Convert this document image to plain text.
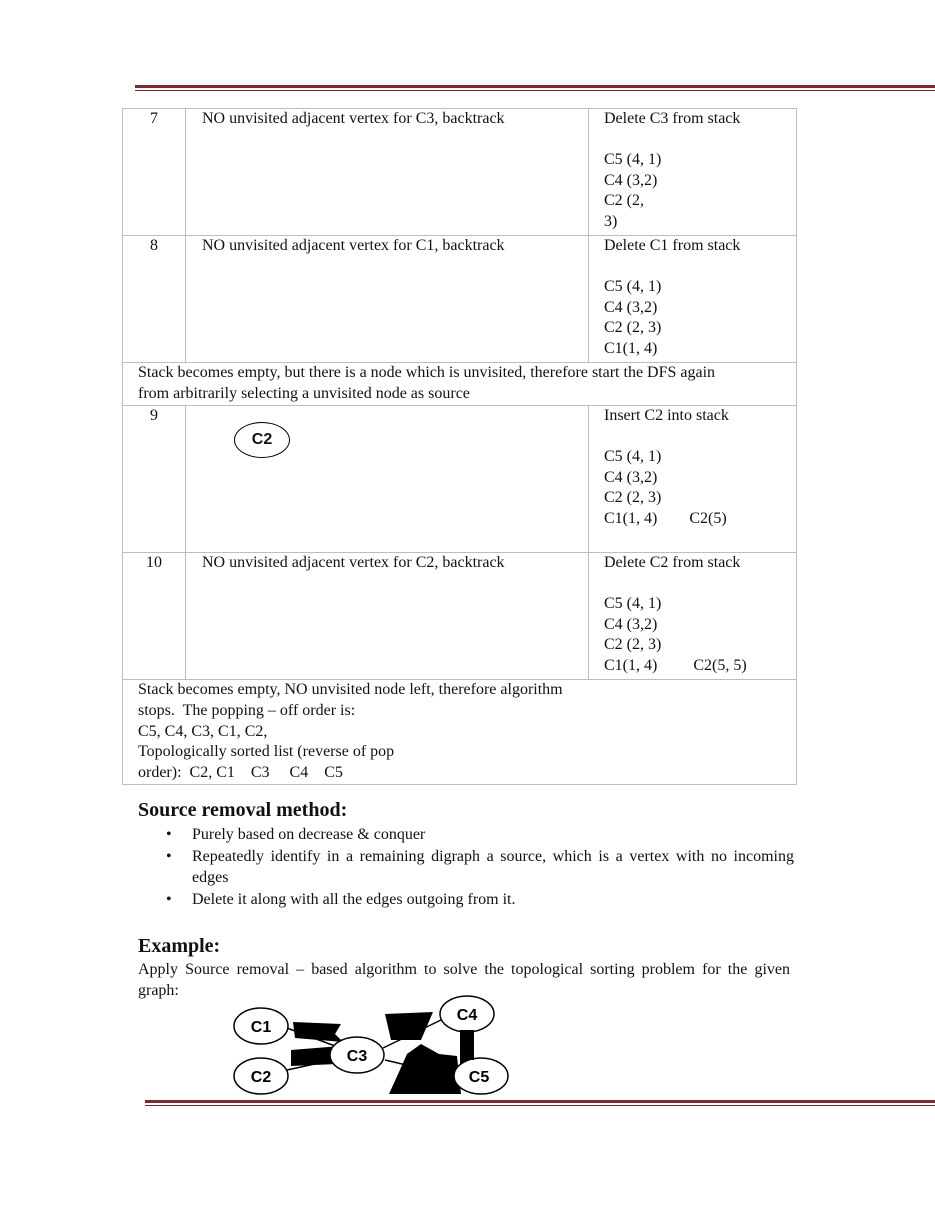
7	NO unvisited adjacent vertex for C3, backtrack	Delete C3 from stack
C5 (4, 1)
C4 (3,2)
C2 (2,
3)

8	NO unvisited adjacent vertex for C1, backtrack	Delete C1 from stack
C5 (4, 1)
C4 (3,2)
C2 (2, 3)
C1(1, 4)

Stack becomes empty, but there is a node which is unvisited, therefore start the DFS again from arbitrarily selecting a unvisited node as source		
9	C2	Insert C2 into stack
C5 (4, 1)
C4 (3,2)
C2 (2, 3)
C1(1, 4)        C2(5)

10	NO unvisited adjacent vertex for C2, backtrack	Delete C2 from stack
C5 (4, 1)
C4 (3,2)
C2 (2, 3)
C1(1, 4)         C2(5, 5)

Stack becomes empty, NO unvisited node left, therefore algorithm
stops.  The popping – off order is:
C5, C4, C3, C1, C2,
Topologically sorted list (reverse of pop
order):  C2, C1    C3     C4    C5		
Source removal method:
• Purely based on decrease & conquer
• Repeatedly identify in a remaining digraph a source, which is a vertex with no incoming edges
• Delete it along with all the edges outgoing from it.
Example:
Apply Source removal – based algorithm to solve the topological sorting problem for the given graph:
C1
C2
C3
C4
C5
